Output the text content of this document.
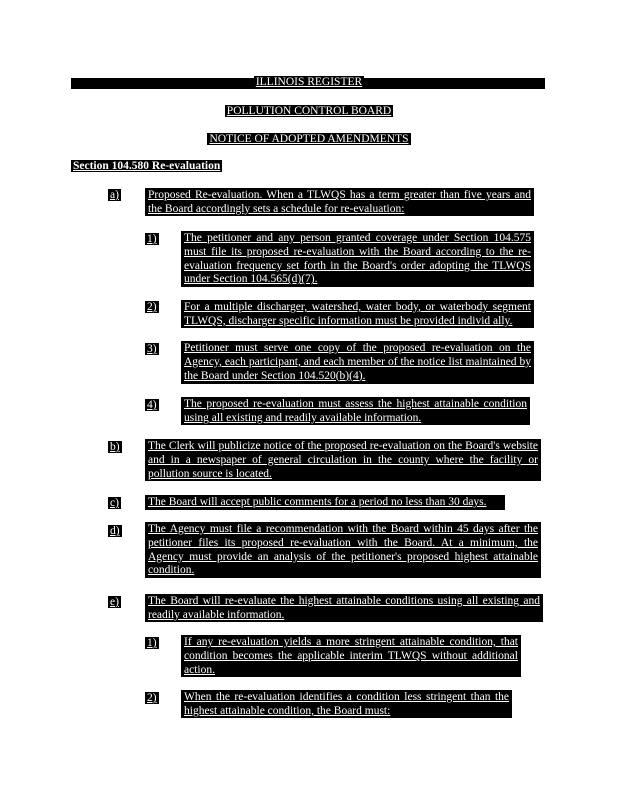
ILLINOIS REGISTER
POLLUTION CONTROL BOARD
NOTICE OF ADOPTED AMENDMENTS
Section 104.580 Re-evaluation
a)	Proposed Re-evaluation. When a TLWQS has a term greater than five years and the Board accordingly sets a schedule for re-evaluation:
1) The petitioner and any person granted coverage under Section 104.575 must file its proposed re-evaluation with the Board according to the re-evaluation frequency set forth in the Board's order adopting the TLWQS under Section 104.565(d)(7).
2) For a multiple discharger, watershed, water body, or waterbody segment TLWQS, discharger specific information must be provided individ ally.
3) Petitioner must serve one copy of the proposed re-evaluation on the Agency, each participant, and each member of the notice list maintained by the Board under Section 104.520(b)(4).
4) The proposed re-evaluation must assess the highest attainable condition using all existing and readily available information.
b) The Clerk will publicize notice of the proposed re-evaluation on the Board's website and in a newspaper of general circulation in the county where the facility or pollution source is located.
c)	The Board will accept public comments for a period no less than 30 days.
d) The Agency must file a recommendation with the Board within 45 days after the petitioner files its proposed re-evaluation with the Board. At a minimum, the Agency must provide an analysis of the petitioner's proposed highest attainable condition.
e)	The Board will re-evaluate the highest attainable conditions using all existing and readily available information.
1) If any re-evaluation yields a more stringent attainable condition, that condition becomes the applicable interim TLWQS without additional action.
2) When the re-evaluation identifies a condition less stringent than the highest attainable condition, the Board must:
